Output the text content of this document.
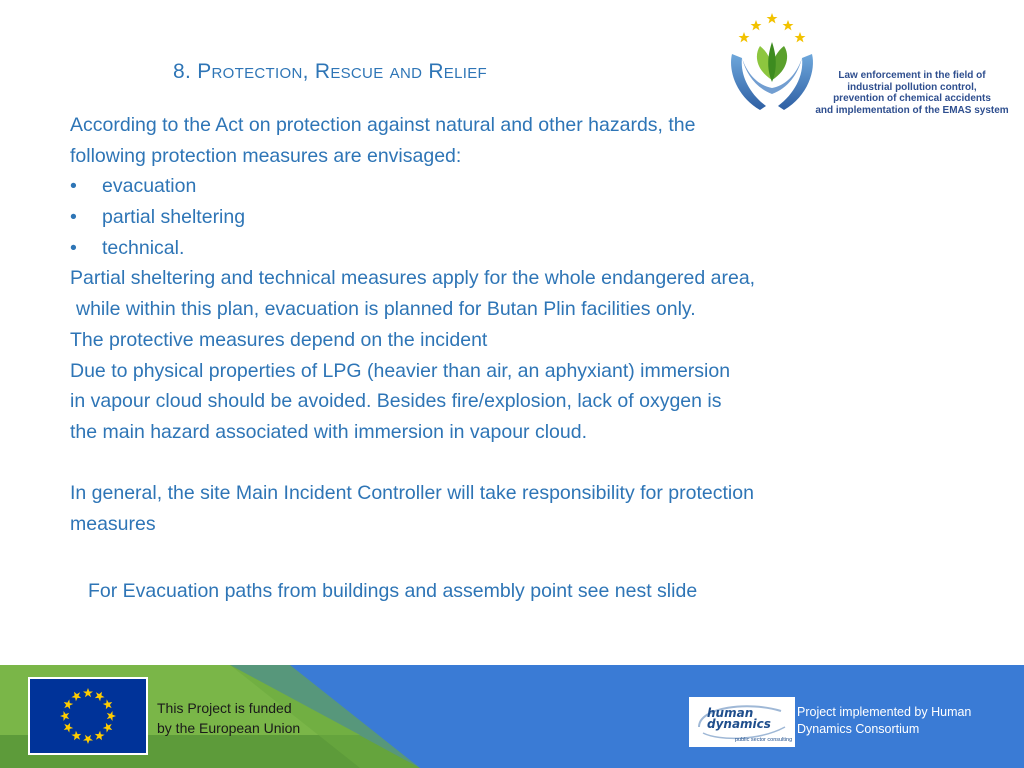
8. Protection, Rescue and Relief
According to the Act on protection against natural and other hazards, the
following protection measures are envisaged:
• evacuation
• partial sheltering
• technical.
Partial sheltering and technical measures apply for the whole endangered area,
while within this plan, evacuation is planned for Butan Plin facilities only.
The protective measures depend on the incident
Due to physical properties of LPG (heavier than air, an aphyxiant) immersion
in vapour cloud should be avoided. Besides fire/explosion, lack of oxygen is
the main hazard associated with immersion in vapour cloud.
In general, the site Main Incident Controller will take responsibility for protection
measures
For Evacuation paths from buildings and assembly point see nest slide
Law enforcement in the field of
industrial pollution control,
prevention of chemical accidents
and implementation of the EMAS system
This Project is funded
by the European Union
human
dynamics
public sector consulting
Project implemented by Human
Dynamics Consortium
